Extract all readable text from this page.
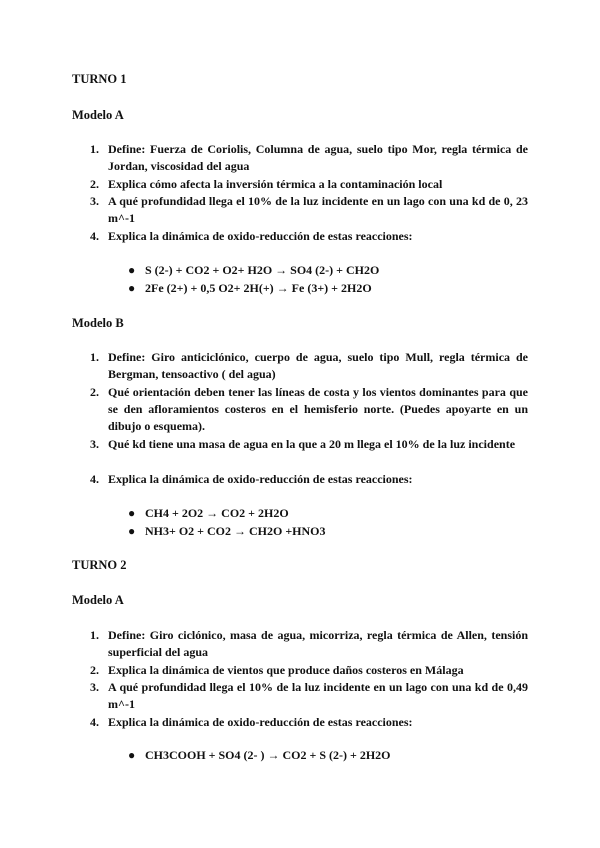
TURNO 1
Modelo A
1. Define: Fuerza de Coriolis, Columna de agua, suelo tipo Mor, regla térmica de Jordan, viscosidad del agua
2. Explica cómo afecta la inversión térmica a la contaminación local
3. A qué profundidad llega el 10% de la luz incidente en un lago con una kd de 0, 23 m^-1
4. Explica la dinámica de oxido-reducción de estas reacciones:
● S (2-) + CO2 + O2+ H2O → SO4 (2-) + CH2O
● 2Fe (2+) + 0,5 O2+ 2H(+) → Fe (3+) + 2H2O
Modelo B
1. Define: Giro anticiclónico, cuerpo de agua, suelo tipo Mull, regla térmica de Bergman, tensoactivo ( del agua)
2. Qué orientación deben tener las líneas de costa y los vientos dominantes para que se den afloramientos costeros en el hemisferio norte. (Puedes apoyarte en un dibujo o esquema).
3. Qué kd tiene una masa de agua en la que a 20 m llega el 10% de la luz incidente
4. Explica la dinámica de oxido-reducción de estas reacciones:
● CH4 + 2O2 → CO2 + 2H2O
● NH3+ O2 + CO2 → CH2O +HNO3
TURNO 2
Modelo A
1. Define: Giro ciclónico, masa de agua, micorriza, regla térmica de Allen, tensión superficial del agua
2. Explica la dinámica de vientos que produce daños costeros en Málaga
3. A qué profundidad llega el 10% de la luz incidente en un lago con una kd de 0,49 m^-1
4. Explica la dinámica de oxido-reducción de estas reacciones:
● CH3COOH + SO4 (2- ) → CO2 + S (2-) + 2H2O
